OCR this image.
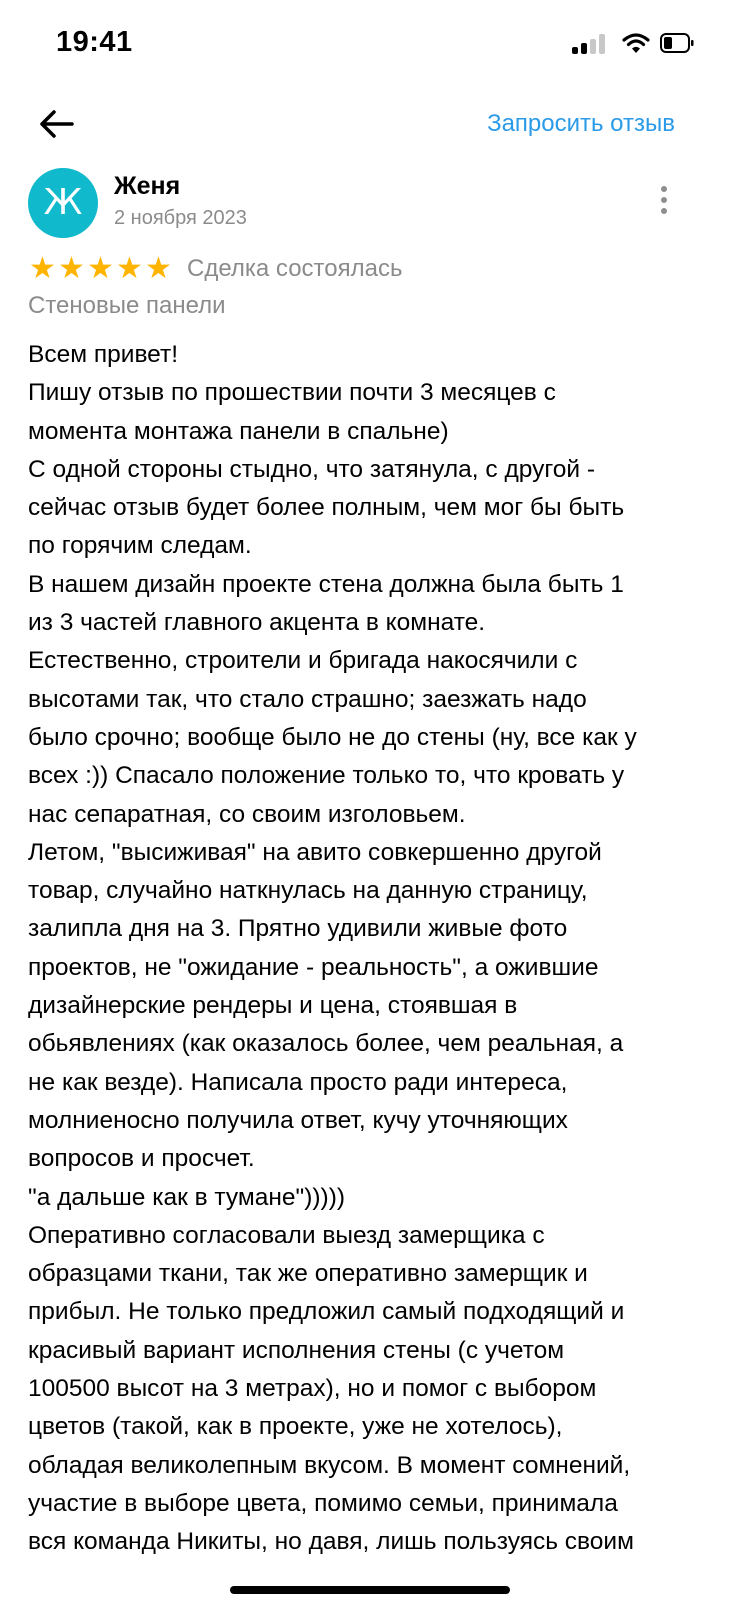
19:41
Запросить отзыв
Ж	Женя
2 ноября 2023
★ ★ ★ ★ ★ Сделка состоялась
Стеновые панели

Всем привет!

Пишу отзыв по прошествии почти 3 месяцев с

момента монтажа панели в спальне)

С одной стороны стыдно, что затянула, с другой -

сейчас отзыв будет более полным, чем мог бы быть

по горячим следам.

В нашем дизайн проекте стена должна была быть 1

из 3 частей главного акцента в комнате.

Естественно, строители и бригада накосячили с

высотами так, что стало страшно; заезжать надо

было срочно; вообще было не до стены (ну, все как у

всех :)) Спасало положение только то, что кровать у

нас сепаратная, со своим изголовьем.

Летом, "высиживая" на авито совкершенно другой

товар, случайно наткнулась на данную страницу,

залипла дня на 3. Прятно удивили живые фото

проектов, не "ожидание - реальность", а ожившие

дизайнерские рендеры и цена, стоявшая в

обьявлениях (как оказалось более, чем реальная, а

не как везде). Написала просто ради интереса,

молниеносно получила ответ, кучу уточняющих

вопросов и просчет.

"а дальше как в тумане")))))

Оперативно согласовали выезд замерщика с

образцами ткани, так же оперативно замерщик и

прибыл. Не только предложил самый подходящий и

красивый вариант исполнения стены (с учетом

100500 высот на 3 метрах), но и помог с выбором

цветов (такой, как в проекте, уже не хотелось),

обладая великолепным вкусом. В момент сомнений,

участие в выборе цвета, помимо семьи, принимала

вся команда Никиты, но давя, лишь пользуясь своим
